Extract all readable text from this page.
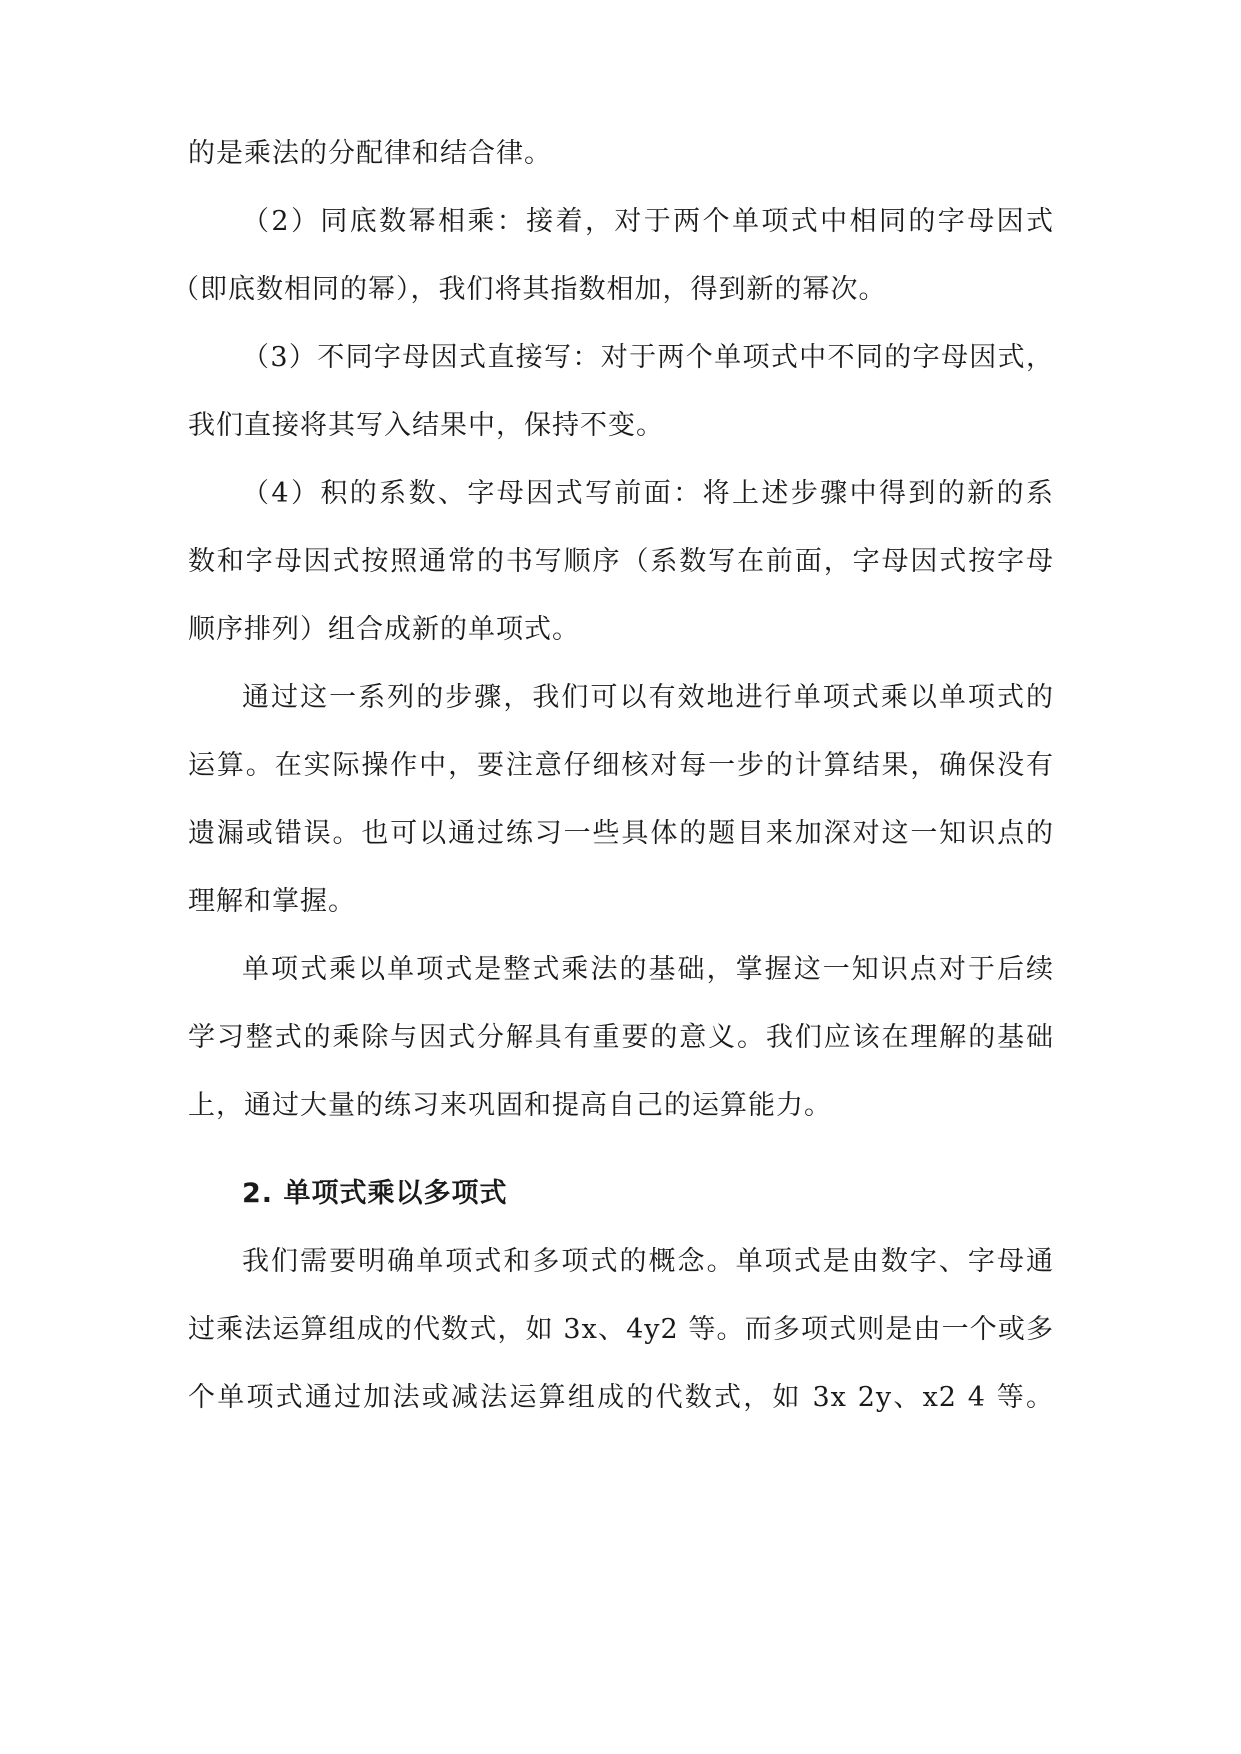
的是乘法的分配律和结合律。
（2）同底数幂相乘：接着，对于两个单项式中相同的字母因式
（即底数相同的幂），我们将其指数相加，得到新的幂次。
（3）不同字母因式直接写：对于两个单项式中不同的字母因式，
我们直接将其写入结果中，保持不变。
（4）积的系数、字母因式写前面：将上述步骤中得到的新的系
数和字母因式按照通常的书写顺序（系数写在前面，字母因式按字母
顺序排列）组合成新的单项式。
通过这一系列的步骤，我们可以有效地进行单项式乘以单项式的
运算。在实际操作中，要注意仔细核对每一步的计算结果，确保没有
遗漏或错误。也可以通过练习一些具体的题目来加深对这一知识点的
理解和掌握。
单项式乘以单项式是整式乘法的基础，掌握这一知识点对于后续
学习整式的乘除与因式分解具有重要的意义。我们应该在理解的基础
上，通过大量的练习来巩固和提高自己的运算能力。
2. 单项式乘以多项式
我们需要明确单项式和多项式的概念。单项式是由数字、字母通
过乘法运算组成的代数式，如 3x、4y2 等。而多项式则是由一个或多
个单项式通过加法或减法运算组成的代数式，如 3x 2y、x2 4 等。
